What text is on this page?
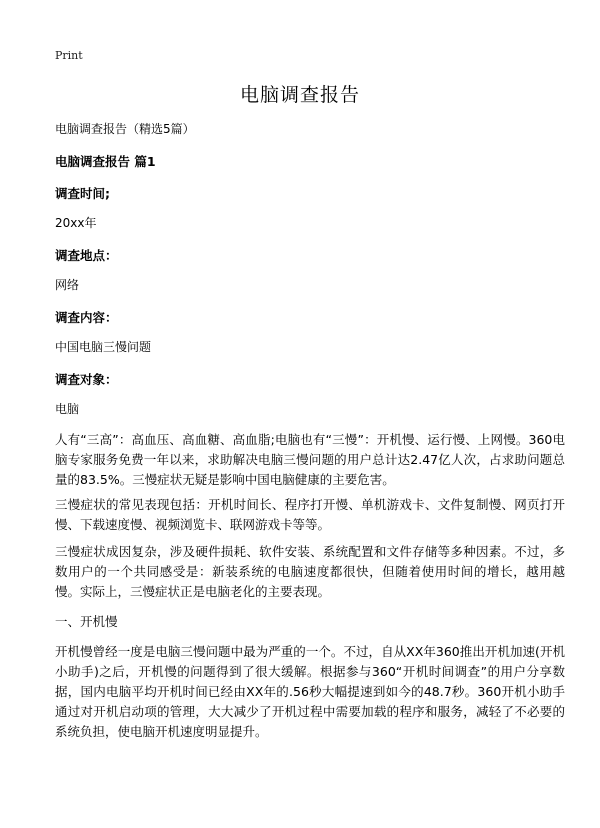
Print
电脑调查报告
电脑调查报告（精选5篇）
电脑调查报告 篇1
调查时间;
20xx年
调查地点：
网络
调查内容：
中国电脑三慢问题
调查对象：
电脑
人有“三高”：高血压、高血糖、高血脂;电脑也有“三慢”：开机慢、运行慢、上网慢。360电脑专家服务免费一年以来，求助解决电脑三慢问题的用户总计达2.47亿人次，占求助问题总量的83.5%。三慢症状无疑是影响中国电脑健康的主要危害。
三慢症状的常见表现包括：开机时间长、程序打开慢、单机游戏卡、文件复制慢、网页打开慢、下载速度慢、视频浏览卡、联网游戏卡等等。
三慢症状成因复杂，涉及硬件损耗、软件安装、系统配置和文件存储等多种因素。不过，多数用户的一个共同感受是：新装系统的电脑速度都很快，但随着使用时间的增长，越用越慢。实际上，三慢症状正是电脑老化的主要表现。
一、开机慢
开机慢曾经一度是电脑三慢问题中最为严重的一个。不过，自从XX年360推出开机加速(开机小助手)之后，开机慢的问题得到了很大缓解。根据参与360“开机时间调查”的用户分享数据，国内电脑平均开机时间已经由XX年的.56秒大幅提速到如今的48.7秒。360开机小助手通过对开机启动项的管理，大大减少了开机过程中需要加载的程序和服务，减轻了不必要的系统负担，使电脑开机速度明显提升。
